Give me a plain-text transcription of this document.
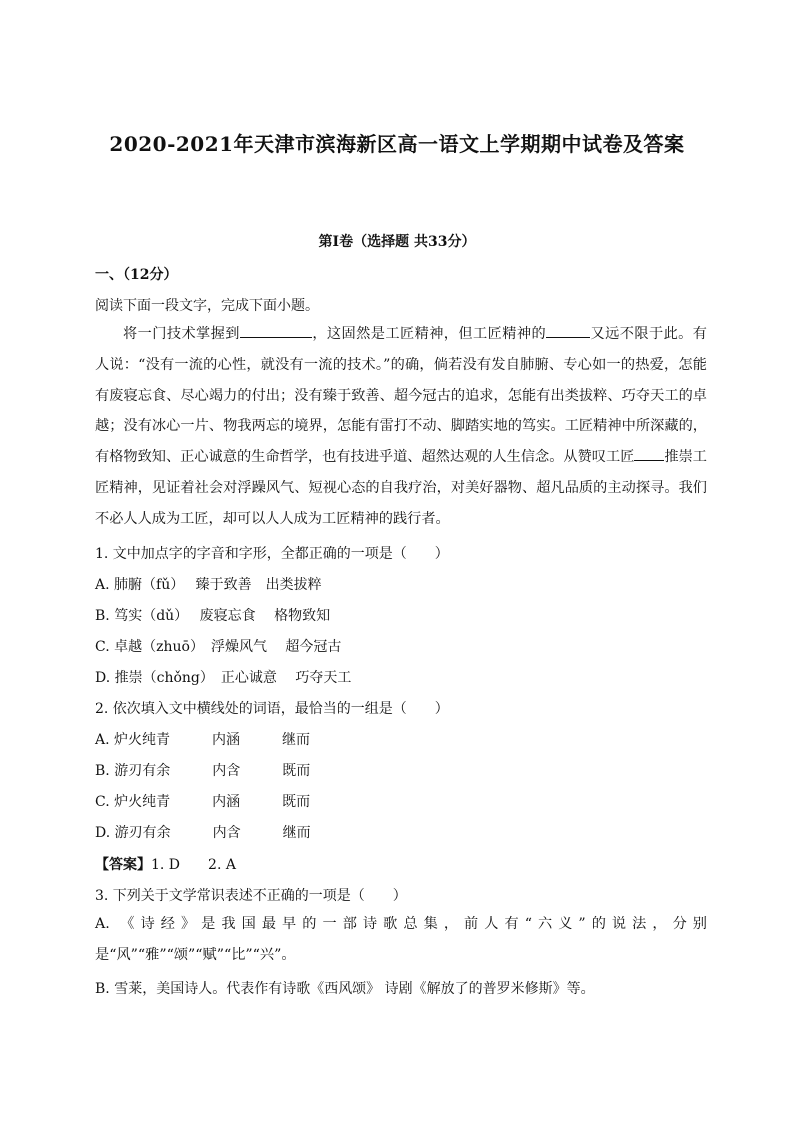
2020-2021年天津市滨海新区高一语文上学期期中试卷及答案
第Ⅰ卷（选择题 共33分）
一、（12分）
阅读下面一段文字，完成下面小题。
将一门技术掌握到	，这固然是工匠精神，但工匠精神的	又远不限于此。有人说：“没有一流的心性，就没有一流的技术。”的确，倘若没有发自肺腑、专心如一的热爱，怎能有废寝忘食、尽心竭力的付出；没有臻于致善、超今冠古的追求，怎能有出类拔粹、巧夺天工的卓越；没有冰心一片、物我两忘的境界，怎能有雷打不动、脚踏实地的笃实。工匠精神中所深藏的，有格物致知、正心诚意的生命哲学，也有技进乎道、超然达观的人生信念。从赞叹工匠 推崇工匠精神，见证着社会对浮躁风气、短视心态的自我疗治，对美好器物、超凡品质的主动探寻。我们不必人人成为工匠，却可以人人成为工匠精神的践行者。
1. 文中加点字的字音和字形，全都正确的一项是（　　）
A. 肺腑（fǔ）　 臻于致善　出类拔粹
B. 笃实（dǔ）　 废寝忘食　 格物致知
C. 卓越（zhuō）　浮燥风气　 超今冠古
D. 推崇（chǒng）　正心诚意　 巧夺天工
2. 依次填入文中横线处的词语，最恰当的一组是（　　）
A. 炉火纯青　　　内涵　　　继而
B. 游刃有余　　　内含　　　既而
C. 炉火纯青　　　内涵　　　既而
D. 游刃有余　　　内含　　　继而
【答案】1. D　　2. A
3. 下列关于文学常识表述不正确的一项是（　　）
A. 《诗经》是我国最早的一部诗歌总集，前人有“六义”的说法，分别是“风”“雅”“颂”“赋”“比”“兴”。
B. 雪莱，美国诗人。代表作有诗歌《西风颂》 诗剧《解放了的普罗米修斯》等。
